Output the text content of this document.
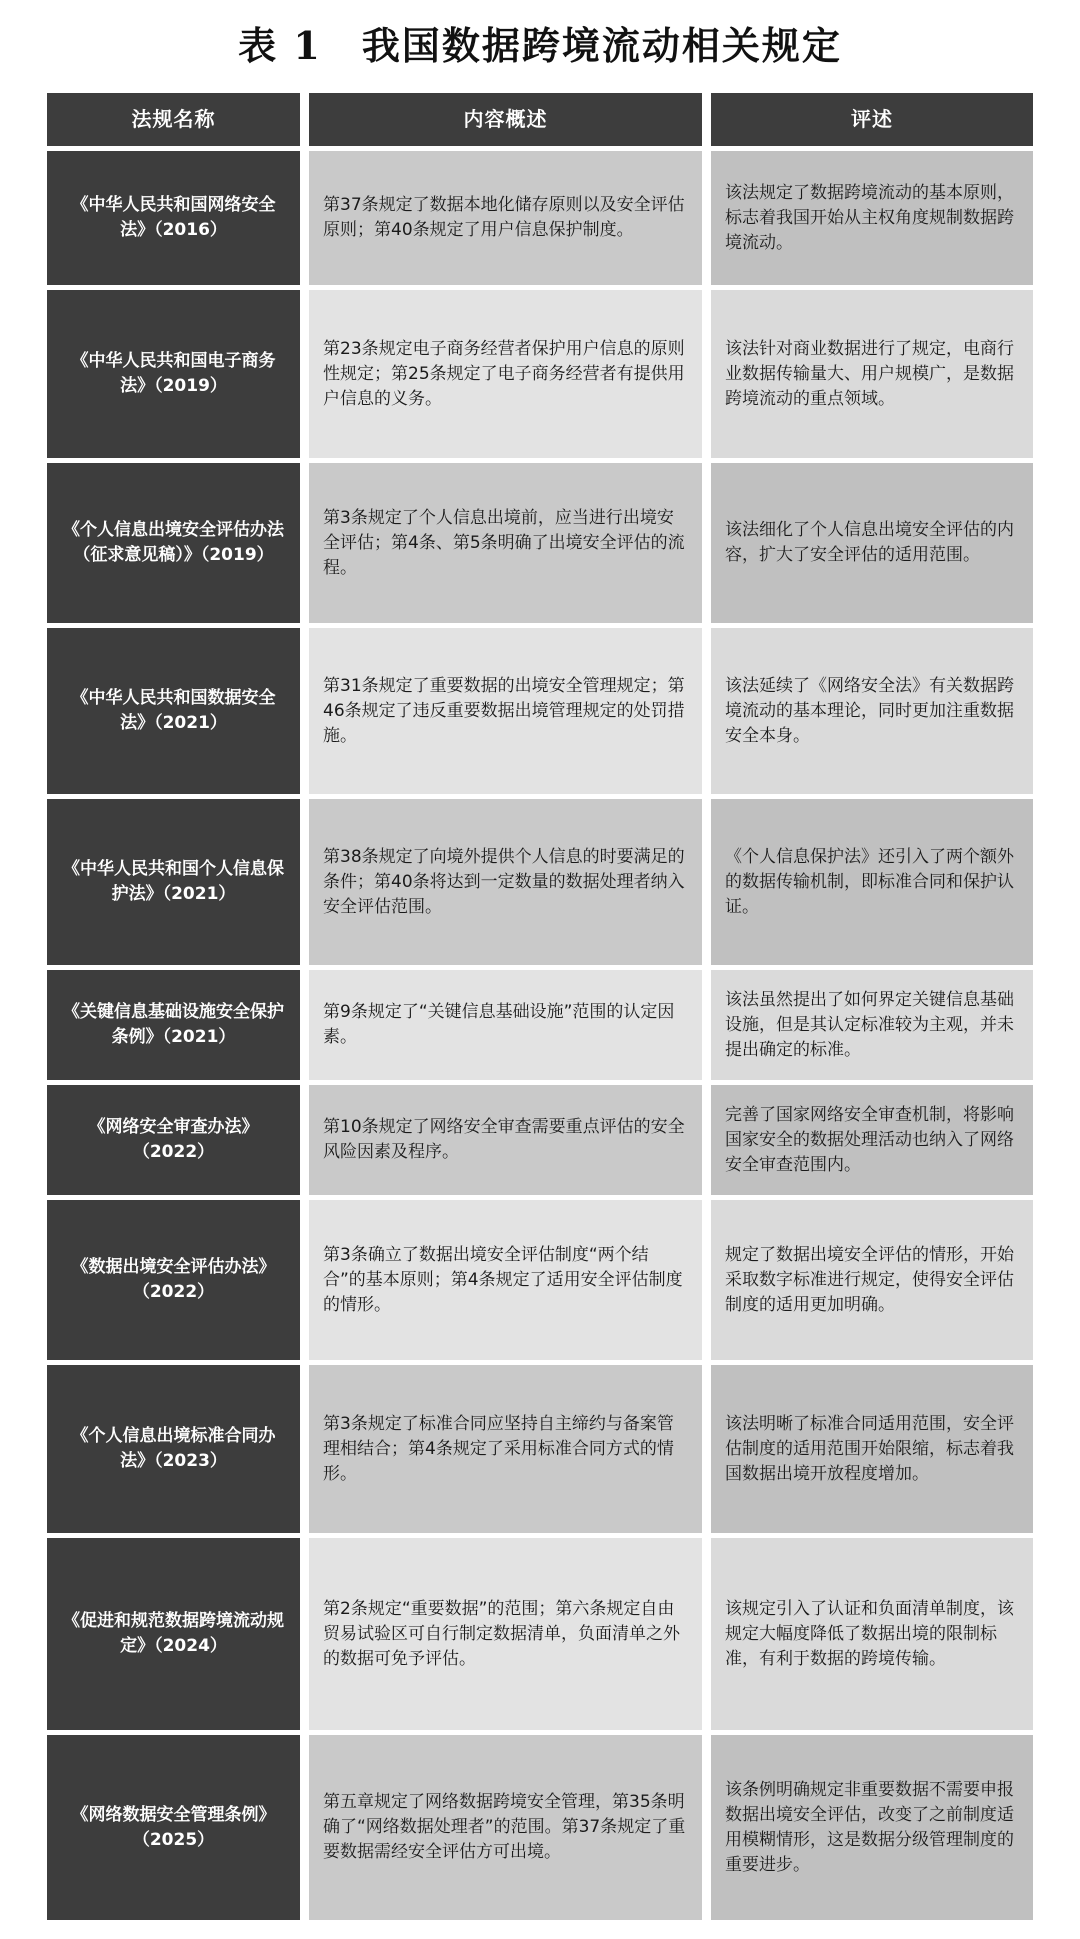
表 1　我国数据跨境流动相关规定
法规名称	内容概述	评述
《中华人民共和国网络安全法》（2016）
第37条规定了数据本地化储存原则以及安全评估原则；第40条规定了用户信息保护制度。
该法规定了数据跨境流动的基本原则，标志着我国开始从主权角度规制数据跨境流动。
《中华人民共和国电子商务法》（2019）
第23条规定电子商务经营者保护用户信息的原则性规定；第25条规定了电子商务经营者有提供用户信息的义务。
该法针对商业数据进行了规定，电商行业数据传输量大、用户规模广，是数据跨境流动的重点领域。
《个人信息出境安全评估办法（征求意见稿）》（2019）
第3条规定了个人信息出境前，应当进行出境安全评估；第4条、第5条明确了出境安全评估的流程。
该法细化了个人信息出境安全评估的内容，扩大了安全评估的适用范围。
《中华人民共和国数据安全法》（2021）
第31条规定了重要数据的出境安全管理规定；第46条规定了违反重要数据出境管理规定的处罚措施。
该法延续了《网络安全法》有关数据跨境流动的基本理论，同时更加注重数据安全本身。
《中华人民共和国个人信息保护法》（2021）
第38条规定了向境外提供个人信息的时要满足的条件；第40条将达到一定数量的数据处理者纳入安全评估范围。
《个人信息保护法》还引入了两个额外的数据传输机制，即标准合同和保护认证。
《关键信息基础设施安全保护条例》（2021）
第9条规定了“关键信息基础设施”范围的认定因素。
该法虽然提出了如何界定关键信息基础设施，但是其认定标准较为主观，并未提出确定的标准。
《网络安全审查办法》（2022）
第10条规定了网络安全审查需要重点评估的安全风险因素及程序。
完善了国家网络安全审查机制，将影响国家安全的数据处理活动也纳入了网络安全审查范围内。
《数据出境安全评估办法》（2022）
第3条确立了数据出境安全评估制度“两个结合”的基本原则；第4条规定了适用安全评估制度的情形。
规定了数据出境安全评估的情形，开始采取数字标准进行规定，使得安全评估制度的适用更加明确。
《个人信息出境标准合同办法》（2023）
第3条规定了标准合同应坚持自主缔约与备案管理相结合；第4条规定了采用标准合同方式的情形。
该法明晰了标准合同适用范围，安全评估制度的适用范围开始限缩，标志着我国数据出境开放程度增加。
《促进和规范数据跨境流动规定》（2024）
第2条规定“重要数据”的范围；第六条规定自由贸易试验区可自行制定数据清单，负面清单之外的数据可免予评估。
该规定引入了认证和负面清单制度，该规定大幅度降低了数据出境的限制标准，有利于数据的跨境传输。
《网络数据安全管理条例》（2025）
第五章规定了网络数据跨境安全管理，第35条明确了“网络数据处理者”的范围。第37条规定了重要数据需经安全评估方可出境。
该条例明确规定非重要数据不需要申报数据出境安全评估，改变了之前制度适用模糊情形，这是数据分级管理制度的重要进步。
